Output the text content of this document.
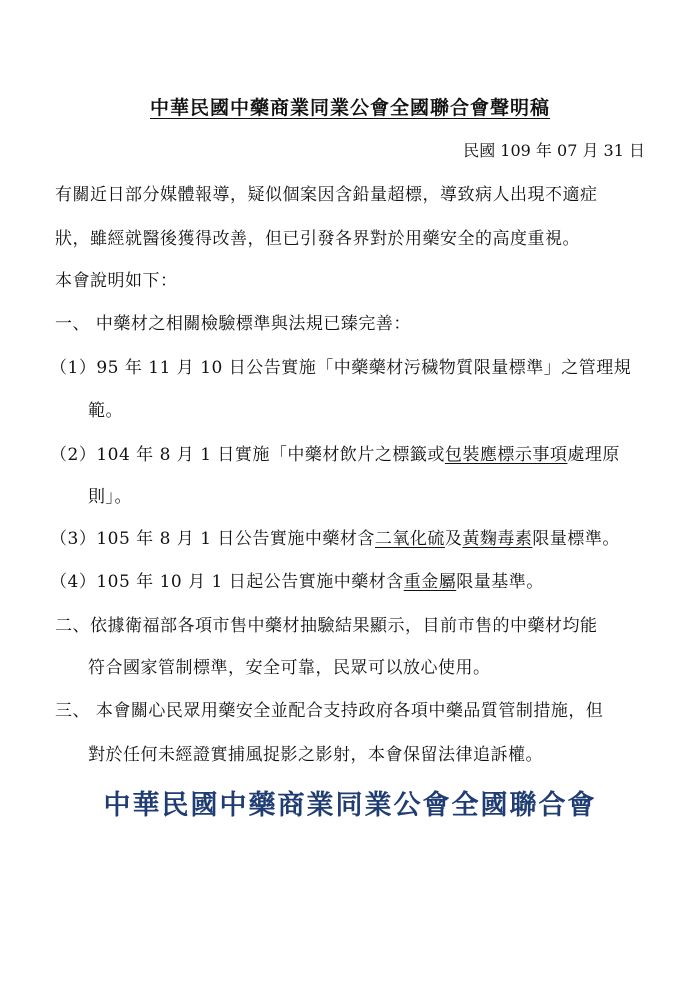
中華民國中藥商業同業公會全國聯合會聲明稿
民國 109 年 07 月 31 日
有關近日部分媒體報導，疑似個案因含鉛量超標，導致病人出現不適症
狀，雖經就醫後獲得改善，但已引發各界對於用藥安全的高度重視。
本會說明如下：
一、 中藥材之相關檢驗標準與法規已臻完善：
（1）95 年 11 月 10 日公告實施「中藥藥材污穢物質限量標準」之管理規
範。
（2）104 年 8 月 1 日實施「中藥材飲片之標籤或包裝應標示事項處理原
則」。
（3）105 年 8 月 1 日公告實施中藥材含二氧化硫及黃麴毒素限量標準。
（4）105 年 10 月 1 日起公告實施中藥材含重金屬限量基準。
二、依據衛福部各項市售中藥材抽驗結果顯示，目前市售的中藥材均能
符合國家管制標準，安全可靠，民眾可以放心使用。
三、 本會關心民眾用藥安全並配合支持政府各項中藥品質管制措施，但
對於任何未經證實捕風捉影之影射，本會保留法律追訴權。
中華民國中藥商業同業公會全國聯合會
